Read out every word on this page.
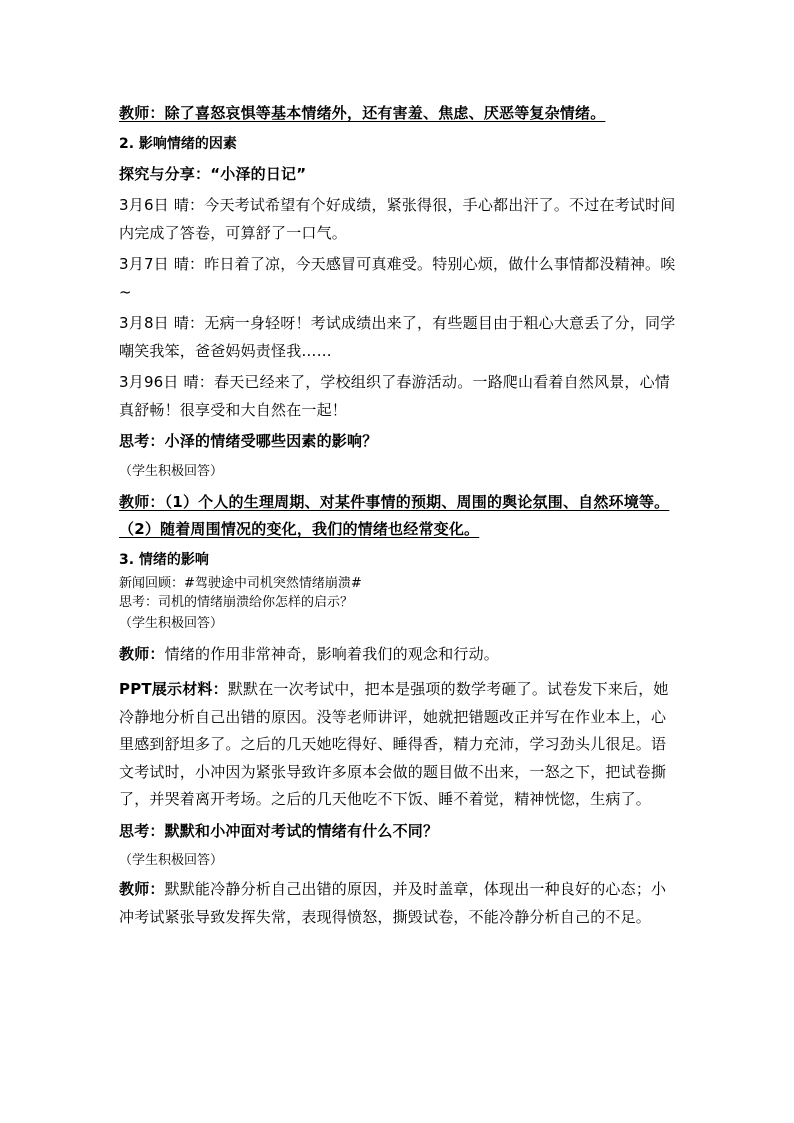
教师：除了喜怒哀惧等基本情绪外，还有害羞、焦虑、厌恶等复杂情绪。

2. 影响情绪的因素

探究与分享：“小泽的日记”

3月6日 晴：今天考试希望有个好成绩，紧张得很，手心都出汗了。不过在考试时间内完成了答卷，可算舒了一口气。

3月7日 晴：昨日着了凉，今天感冒可真难受。特别心烦，做什么事情都没精神。唉~

3月8日 晴：无病一身轻呀！考试成绩出来了，有些题目由于粗心大意丢了分，同学嘲笑我笨，爸爸妈妈责怪我……

3月96日 晴：春天已经来了，学校组织了春游活动。一路爬山看着自然风景，心情真舒畅！很享受和大自然在一起！

思考：小泽的情绪受哪些因素的影响？

（学生积极回答）

教师：（1）个人的生理周期、对某件事情的预期、周围的舆论氛围、自然环境等。（2）随着周围情况的变化，我们的情绪也经常变化。

3. 情绪的影响

新闻回顾：#驾驶途中司机突然情绪崩溃#

思考：司机的情绪崩溃给你怎样的启示？

（学生积极回答）

教师：情绪的作用非常神奇，影响着我们的观念和行动。

PPT展示材料：默默在一次考试中，把本是强项的数学考砸了。试卷发下来后，她冷静地分析自己出错的原因。没等老师讲评，她就把错题改正并写在作业本上，心里感到舒坦多了。之后的几天她吃得好、睡得香，精力充沛，学习劲头儿很足。语文考试时，小冲因为紧张导致许多原本会做的题目做不出来，一怒之下，把试卷撕了，并哭着离开考场。之后的几天他吃不下饭、睡不着觉，精神恍惚，生病了。

思考：默默和小冲面对考试的情绪有什么不同？

（学生积极回答）

教师：默默能冷静分析自己出错的原因，并及时盖章，体现出一种良好的心态；小冲考试紧张导致发挥失常，表现得愤怒，撕毁试卷，不能冷静分析自己的不足。
